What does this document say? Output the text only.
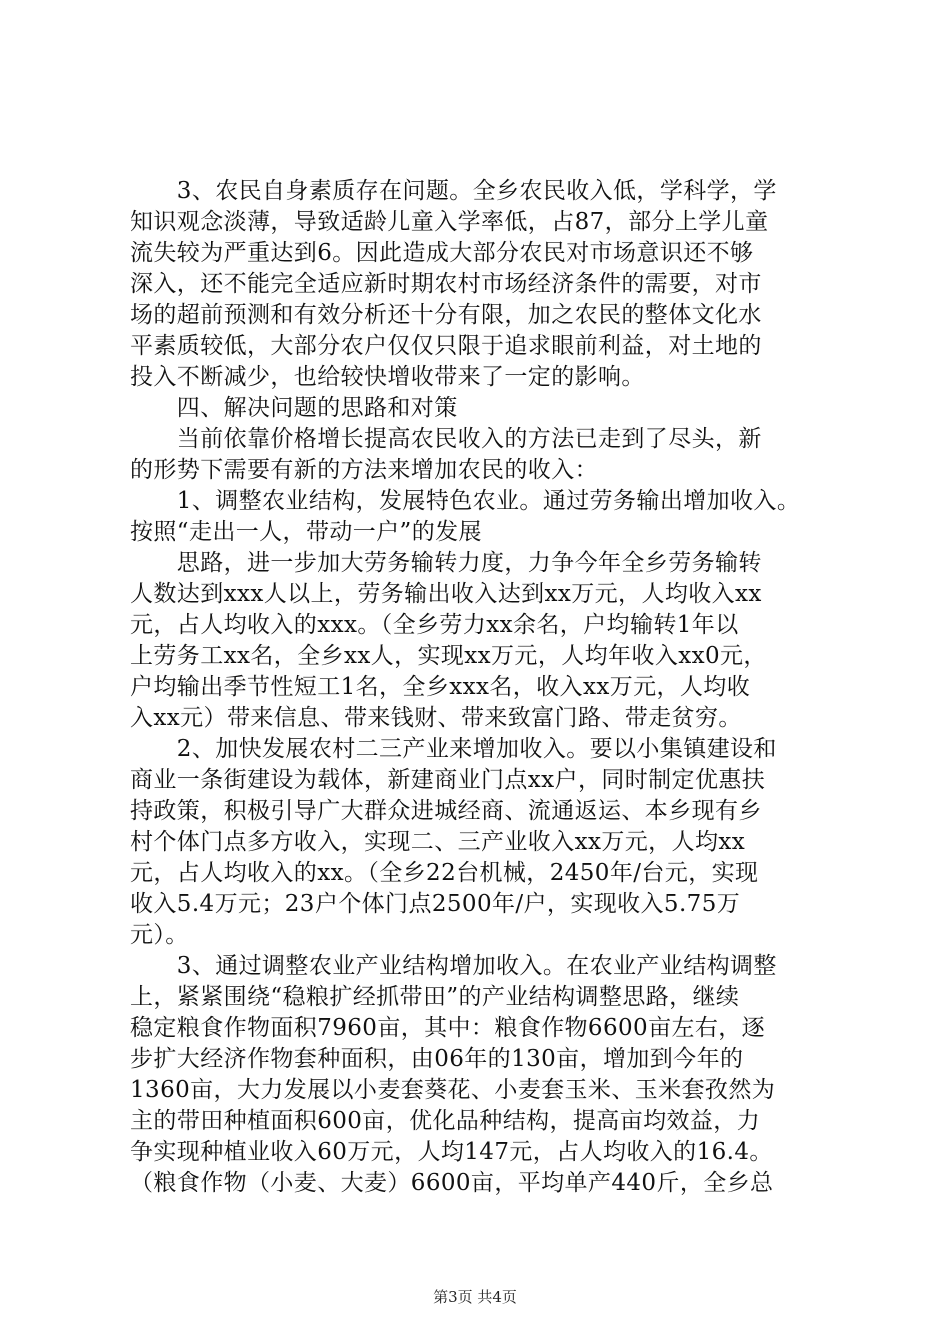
　　3、农民自身素质存在问题。全乡农民收入低，学科学，学
知识观念淡薄，导致适龄儿童入学率低，占87，部分上学儿童
流失较为严重达到6。因此造成大部分农民对市场意识还不够
深入，还不能完全适应新时期农村市场经济条件的需要，对市
场的超前预测和有效分析还十分有限，加之农民的整体文化水
平素质较低，大部分农户仅仅只限于追求眼前利益，对土地的
投入不断减少，也给较快增收带来了一定的影响。
　　四、解决问题的思路和对策
　　当前依靠价格增长提高农民收入的方法已走到了尽头，新
的形势下需要有新的方法来增加农民的收入：
　　1、调整农业结构，发展特色农业。通过劳务输出增加收入。
按照“走出一人，带动一户”的发展
　　思路，进一步加大劳务输转力度，力争今年全乡劳务输转
人数达到xxx人以上，劳务输出收入达到xx万元，人均收入xx
元，占人均收入的xxx。（全乡劳力xx余名，户均输转1年以
上劳务工xx名，全乡xx人，实现xx万元，人均年收入xx0元，
户均输出季节性短工1名，全乡xxx名，收入xx万元，人均收
入xx元）带来信息、带来钱财、带来致富门路、带走贫穷。
　　2、加快发展农村二三产业来增加收入。要以小集镇建设和
商业一条街建设为载体，新建商业门点xx户，同时制定优惠扶
持政策，积极引导广大群众进城经商、流通返运、本乡现有乡
村个体门点多方收入，实现二、三产业收入xx万元，人均xx
元，占人均收入的xx。（全乡22台机械，2450年/台元，实现
收入5.4万元；23户个体门点2500年/户，实现收入5.75万
元）。
　　3、通过调整农业产业结构增加收入。在农业产业结构调整
上，紧紧围绕“稳粮扩经抓带田”的产业结构调整思路，继续
稳定粮食作物面积7960亩，其中：粮食作物6600亩左右，逐
步扩大经济作物套种面积，由06年的130亩，增加到今年的
1360亩，大力发展以小麦套葵花、小麦套玉米、玉米套孜然为
主的带田种植面积600亩，优化品种结构，提高亩均效益，力
争实现种植业收入60万元，人均147元，占人均收入的16.4。
（粮食作物（小麦、大麦）6600亩，平均单产440斤，全乡总
第3页 共4页
